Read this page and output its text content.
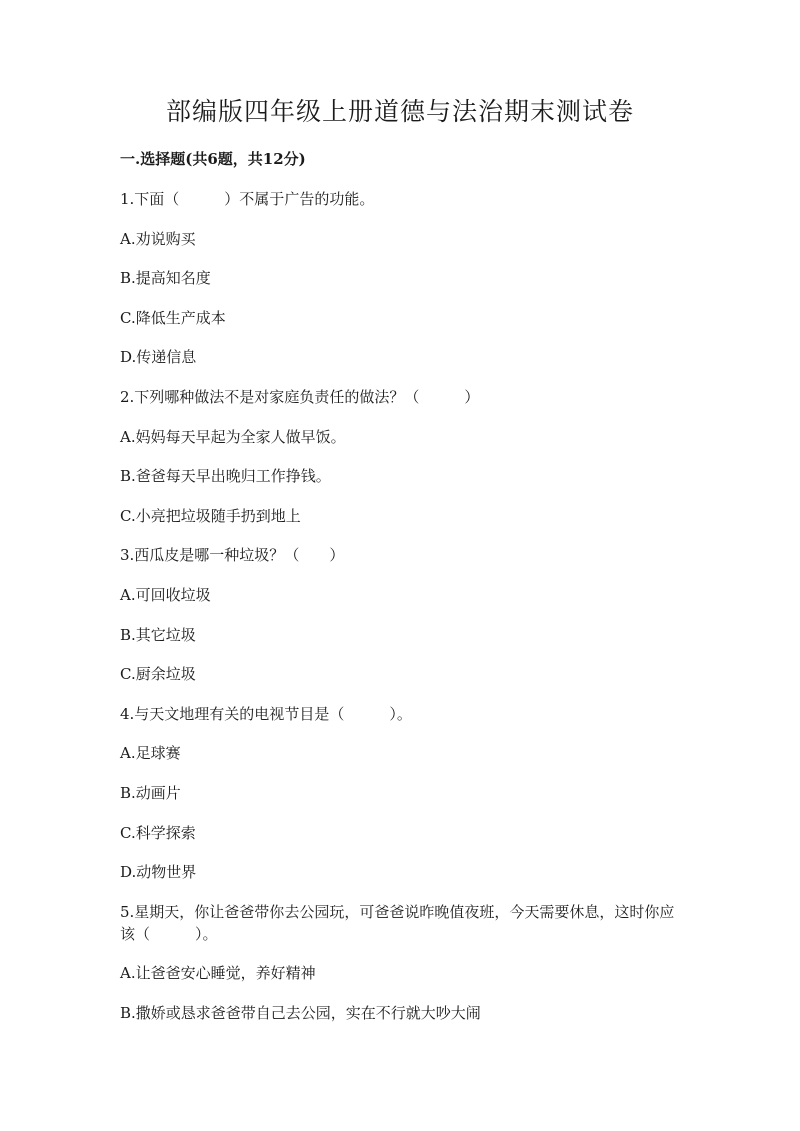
部编版四年级上册道德与法治期末测试卷
一.选择题(共6题，共12分)
1.下面（　　　）不属于广告的功能。
A.劝说购买
B.提高知名度
C.降低生产成本
D.传递信息
2.下列哪种做法不是对家庭负责任的做法？（　　　）
A.妈妈每天早起为全家人做早饭。
B.爸爸每天早出晚归工作挣钱。
C.小亮把垃圾随手扔到地上
3.西瓜皮是哪一种垃圾？（　　）
A.可回收垃圾
B.其它垃圾
C.厨余垃圾
4.与天文地理有关的电视节目是（　　　）。
A.足球赛
B.动画片
C.科学探索
D.动物世界
5.星期天，你让爸爸带你去公园玩，可爸爸说昨晚值夜班，今天需要休息，这时你应该（　　　）。
A.让爸爸安心睡觉，养好精神
B.撒娇或恳求爸爸带自己去公园，实在不行就大吵大闹
